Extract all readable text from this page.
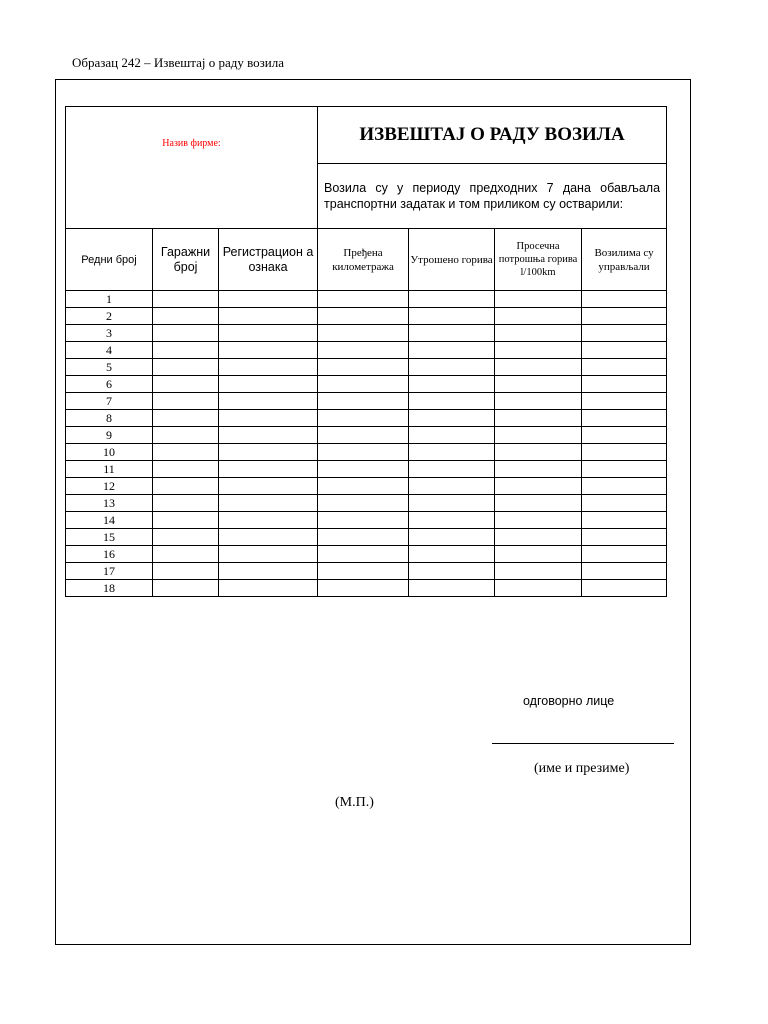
Образац 242 – Извештај о раду возила
Назив фирме:			ИЗВЕШТАЈ О РАДУ ВОЗИЛА			
			Возила су у периоду предходних 7 дана обављала транспортни задатак и том приликом су остварили:			
Редни број	Гаражни број	Регистрацион а ознака	Пређена километража	Утрошено горива	Просечна потрошња горива l/100km	Возилима су управљали
1						
2						
3						
4						
5						
6						
7						
8						
9						
10						
11						
12						
13						
14						
15						
16						
17						
18						
одговорно лице
(име и презиме)
(М.П.)
